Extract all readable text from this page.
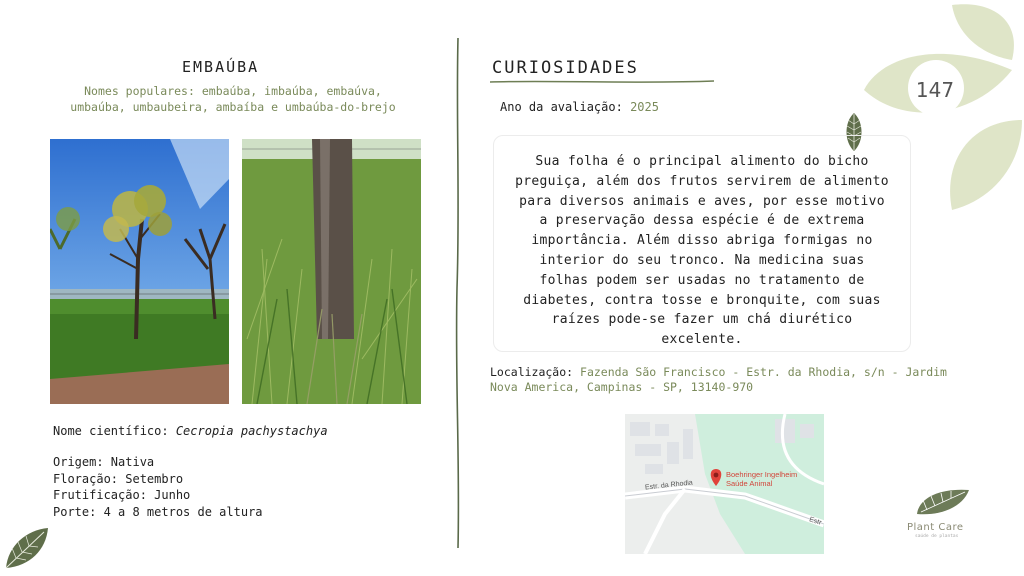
EMBAÚBA
Nomes populares: embaúba, imbaúba, embaúva,
umbaúba, umbaubeira, ambaíba e umbaúba-do-brejo
Nome científico: Cecropia pachystachya
Origem: Nativa
Floração: Setembro
Frutificação: Junho
Porte: 4 a 8 metros de altura
CURIOSIDADES
Ano da avaliação: 2025

Sua folha é o principal alimento do bicho preguiça, além dos frutos servirem de alimento para diversos animais e aves, por esse motivo a preservação dessa espécie é de extrema importância. Além disso abriga formigas no interior do seu tronco. Na medicina suas folhas podem ser usadas no tratamento de diabetes, contra tosse e bronquite, com suas raízes pode-se fazer um chá diurético excelente.

Localização: Fazenda São Francisco - Estr. da Rhodia, s/n - Jardim Nova America, Campinas - SP, 13140-970
Boehringer Ingelheim
Saúde Animal
Estr. da Rhodia
Estr
147
Plant Care
saúde de plantas
